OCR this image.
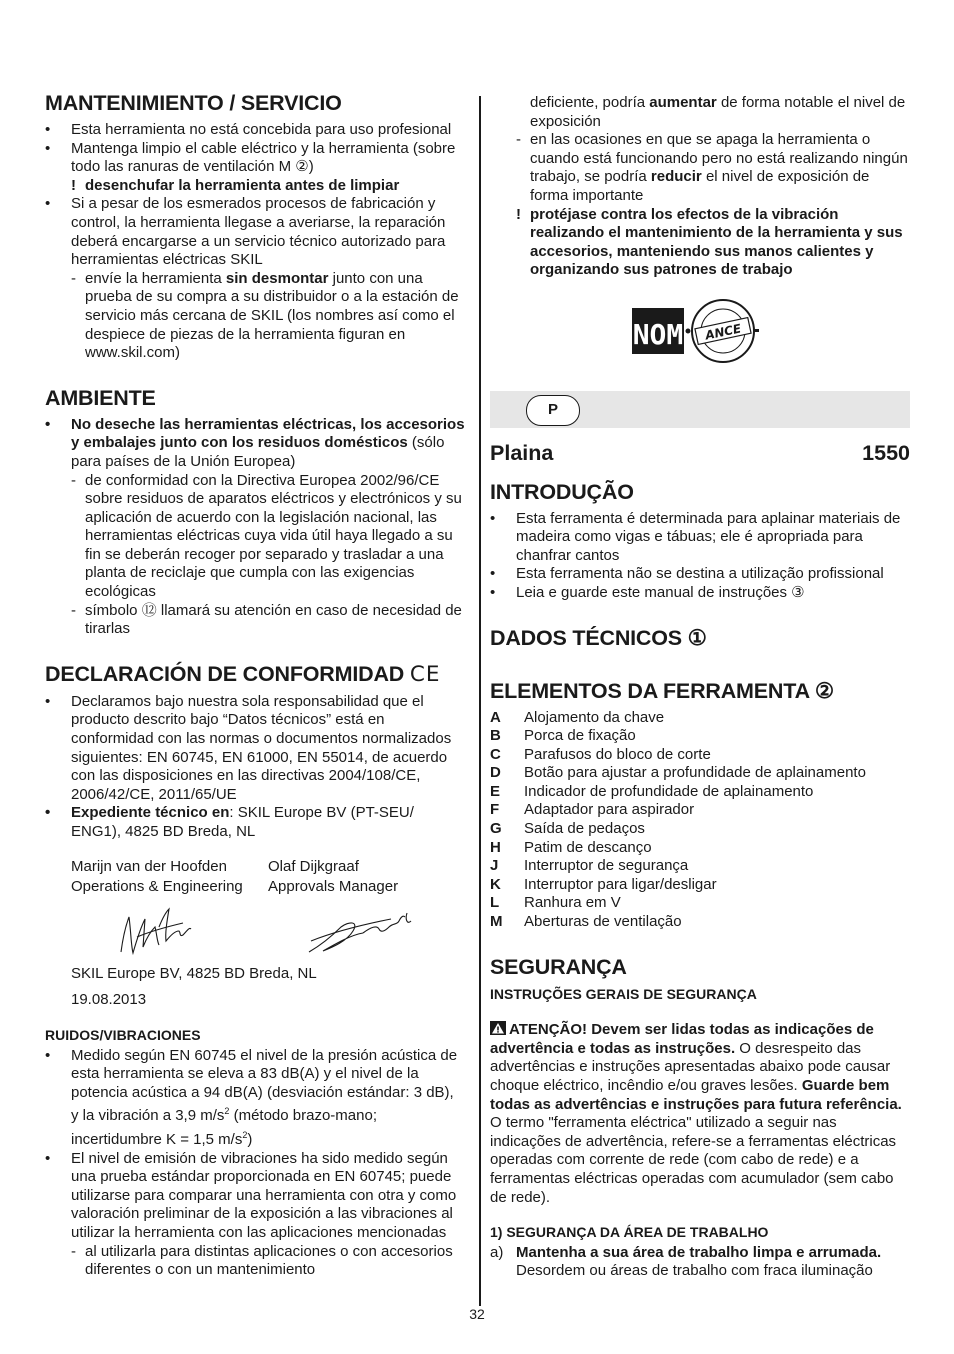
MANTENIMIENTO / SERVICIO
•	Esta herramienta no está concebida para uso profesional
•	Mantenga limpio el cable eléctrico y la herramienta (sobre todo las ranuras de ventilación M ②)
! desenchufar la herramienta antes de limpiar
•	Si a pesar de los esmerados procesos de fabricación y control, la herramienta llegase a averiarse, la reparación deberá encargarse a un servicio técnico autorizado para herramientas eléctricas SKIL
- envíe la herramienta sin desmontar junto con una prueba de su compra a su distribuidor o a la estación de servicio más cercana de SKIL (los nombres así como el despiece de piezas de la herramienta figuran en www.skil.com)
AMBIENTE
•	No deseche las herramientas eléctricas, los accesorios y embalajes junto con los residuos domésticos (sólo para países de la Unión Europea)
- de conformidad con la Directiva Europea 2002/96/CE sobre residuos de aparatos eléctricos y electrónicos y su aplicación de acuerdo con la legislación nacional, las herramientas eléctricas cuya vida útil haya llegado a su fin se deberán recoger por separado y trasladar a una planta de reciclaje que cumpla con las exigencias ecológicas
- símbolo ⑫ llamará su atención en caso de necesidad de tirarlas
DECLARACIÓN DE CONFORMIDAD CE
•	Declaramos bajo nuestra sola responsabilidad que el producto descrito bajo “Datos técnicos” está en conformidad con las normas o documentos normalizados siguientes: EN 60745, EN 61000, EN 55014, de acuerdo con las disposiciones en las directivas 2004/108/CE, 2006/42/CE, 2011/65/UE
•	Expediente técnico en: SKIL Europe BV (PT-SEU/ ENG1), 4825 BD Breda, NL
Marijn van der Hoofden	Olaf Dijkgraaf
Operations & Engineering	Approvals Manager

SKIL Europe BV, 4825 BD Breda, NL

19.08.2013

RUIDOS/VIBRACIONES
•	Medido según EN 60745 el nivel de la presión acústica de esta herramienta se eleva a 83 dB(A) y el nivel de la potencia acústica a 94 dB(A) (desviación estándar: 3 dB), y la vibración a 3,9 $m/s^2$ (método brazo-mano; incertidumbre K = 1,5 $m/s^2$)
•	El nivel de emisión de vibraciones ha sido medido según una prueba estándar proporcionada en EN 60745; puede utilizarse para comparar una herramienta con otra y como valoración preliminar de la exposición a las vibraciones al utilizar la herramienta con las aplicaciones mencionadas
- al utilizarla para distintas aplicaciones o con accesorios diferentes o con un mantenimiento
deficiente, podría aumentar de forma notable el nivel de exposición
- en las ocasiones en que se apaga la herramienta o cuando está funcionando pero no está realizando ningún trabajo, se podría reducir el nivel de exposición de forma importante
! protéjase contra los efectos de la vibración realizando el mantenimiento de la herramienta y sus accesorios, manteniendo sus manos calientes y organizando sus patrones de trabajo
NOM ANCE
P
Plaina	1550
INTRODUÇÃO
•	Esta ferramenta é determinada para aplainar materiais de madeira como vigas e tábuas; ele é apropriada para chanfrar cantos
•	Esta ferramenta não se destina a utilização profissional
•	Leia e guarde este manual de instruções ③
DADOS TÉCNICOS ①
ELEMENTOS DA FERRAMENTA ②
A	Alojamento da chave
B	Porca de fixação
C	Parafusos do bloco de corte
D	Botão para ajustar a profundidade de aplainamento
E	Indicador de profundidade de aplainamento
F	Adaptador para aspirador
G	Saída de pedaços
H	Patim de descanço
J	Interruptor de segurança
K	Interruptor para ligar/desligar
L	Ranhura em V
M	Aberturas de ventilação
SEGURANÇA
INSTRUÇÕES GERAIS DE SEGURANÇA

ATENÇÃO! Devem ser lidas todas as indicações de advertência e todas as instruções. O desrespeito das advertências e instruções apresentadas abaixo pode causar choque eléctrico, incêndio e/ou graves lesões. Guarde bem todas as advertências e instruções para futura referência. O termo "ferramenta eléctrica" utilizado a seguir nas indicações de advertência, refere-se a ferramentas eléctricas operadas com corrente de rede (com cabo de rede) e a ferramentas eléctricas operadas com acumulador (sem cabo de rede).

1) SEGURANÇA DA ÁREA DE TRABALHO
a) Mantenha a sua área de trabalho limpa e arrumada. Desordem ou áreas de trabalho com fraca iluminação
32
